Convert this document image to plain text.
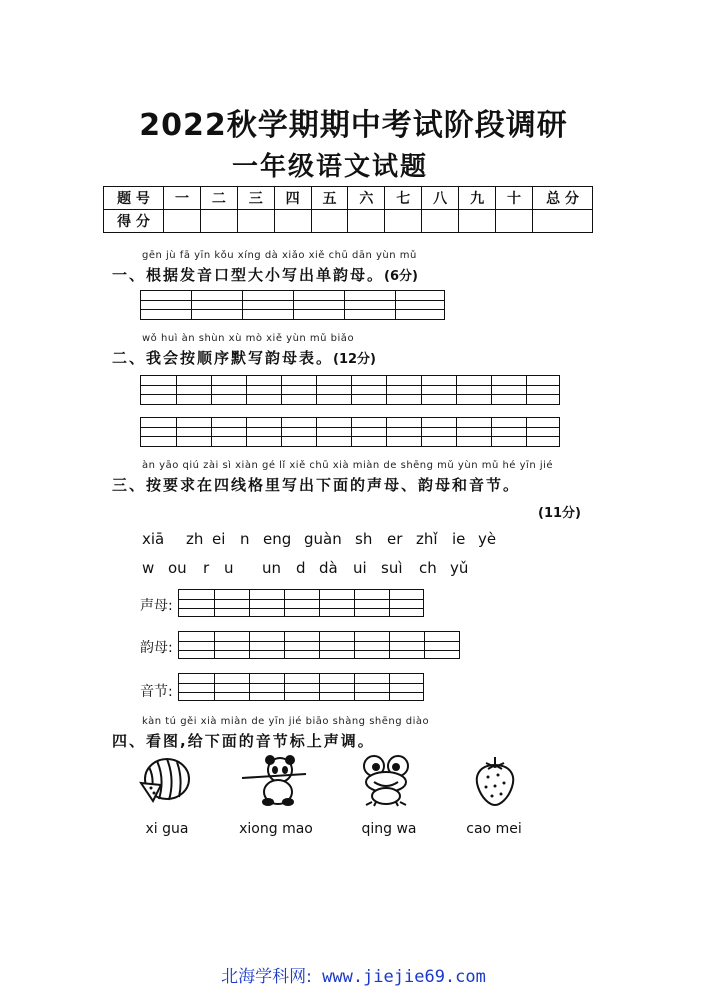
2022秋学期期中考试阶段调研
一年级语文试题
题 号	一	二	三	四	五	六	七	八	九	十	总 分
得 分											
gēn jù fā yīn kǒu xíng dà xiǎo xiě chū dān yùn mǔ
一、根据发音口型大小写出单韵母。(6分)
wǒ huì àn shùn xù mò xiě yùn mǔ biǎo
二、我会按顺序默写韵母表。(12分)
àn yāo qiú zài sì xiàn gé lǐ xiě chū xià miàn de shēng mǔ yùn mǔ hé yīn jié
三、按要求在四线格里写出下面的声母、韵母和音节。
(11分)
xiā zh ei n eng guàn sh er zhǐ ie yè
w ou r u un d dà ui suì ch yǔ
声母:
韵母:
音节:
kàn tú gěi xià miàn de yīn jié biāo shàng shēng diào
四、看图,给下面的音节标上声调。
xi gua	xiong mao	qing wa	cao mei
北海学科网: www.jiejie69.com
